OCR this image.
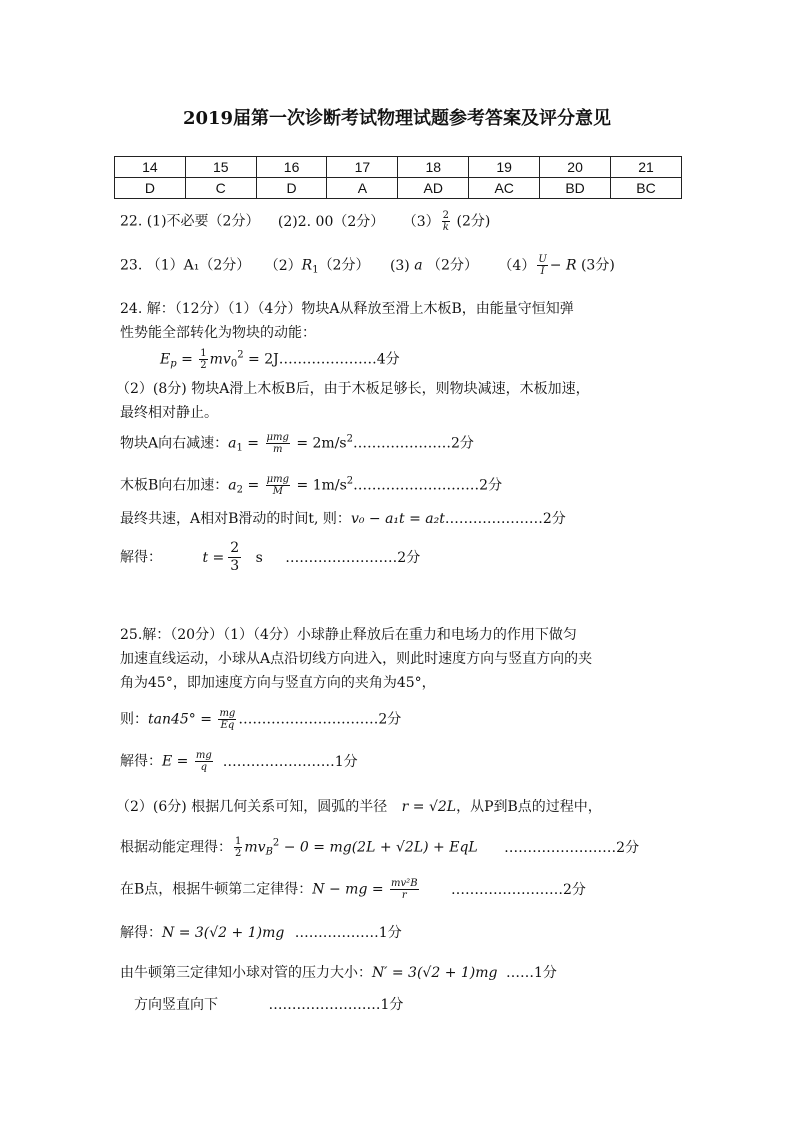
2019届第一次诊断考试物理试题参考答案及评分意见
14	15	16	17	18	19	20	21
D	C	D	A	AD	AC	BD	BC
22. (1)不必要（2分） (2)2. 00（2分） $(3) \frac{2}{k} (2$分)
23. （1）A₁（2分） $(2)R_1(2$分） (3) a （2分） $(4) \frac{U}{I} - R$ (3分)
24. 解：（12分）（1）（4分）物块A从释放至滑上木板B，由能量守恒知弹
性势能全部转化为物块的动能：
$E_p = \frac{1}{2} mv_0^2$ = 2J…………………4分
（2）(8分) 物块A滑上木板B后，由于木板足够长，则物块减速，木板加速，
最终相对静止。
物块A向右减速：$a_1 = \frac{\text{μmg}}{m}$ = $2m/s^2\dots\dots\dots\dots\dots\dots\dots 2$分
木板B向右加速：$a_2 = \frac{\text{μmg}}{M}$ = $1m/s^2\dots\dots\dots\dots\dots\dots\dots\dots\dots 2$分
最终共速，A相对B滑动的时间t, 则：v₀ − a₁t = a₂t…………………2分
解得：	$t = \frac{2}{3}$ s ……………………2分
25.解：（20分）（1）（4分）小球静止释放后在重力和电场力的作用下做匀
加速直线运动，小球从A点沿切线方向进入，则此时速度方向与竖直方向的夹
角为45°，即加速度方向与竖直方向的夹角为45°，
则：$\tan 45^\circ = \frac{mg}{Eq}$ …………………………2分
解得：$E = \frac{mg}{q}$ ……………………1分
（2）(6分) 根据几何关系可知，圆弧的半径 r = √2L，从P到B点的过程中，
根据动能定理得： $\frac{1}{2} mv_B^2 - 0 = mg(2L + √2L)$ + EqL ……………………2分
在B点，根据牛顿第二定律得：N − mg = $\frac{\text{mv²B}}{r}$ ……………………2分
解得：N = 3(√2 + 1)mg ………………1分
由牛顿第三定律知小球对管的压力大小：N′ = 3(√2 + 1)mg ……1分
方向竖直向下	……………………1分
